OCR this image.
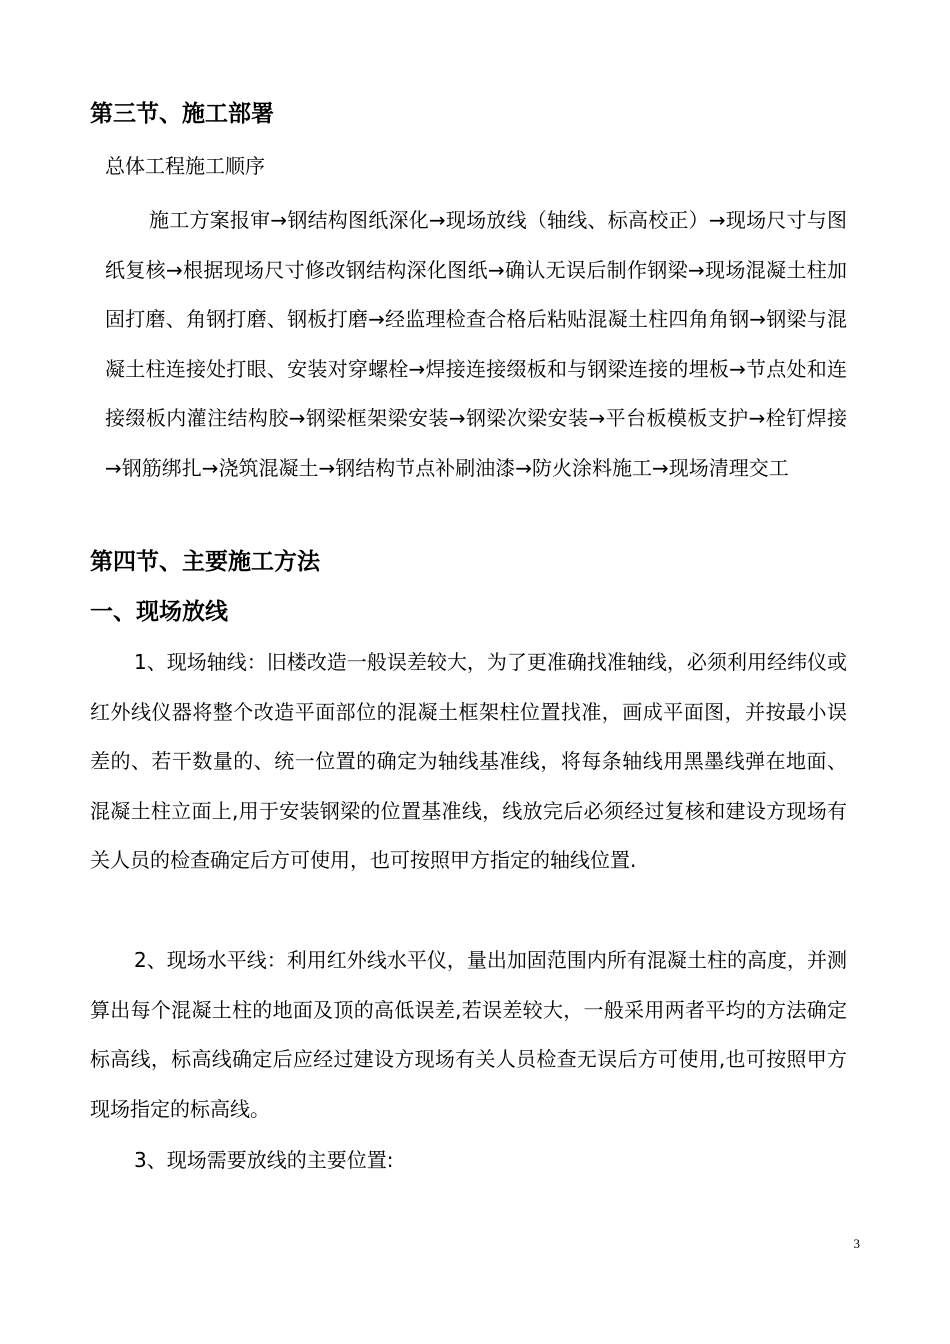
第三节、施工部署
总体工程施工顺序

施工方案报审→钢结构图纸深化→现场放线（轴线、标高校正）→现场尺寸与图纸复核→根据现场尺寸修改钢结构深化图纸→确认无误后制作钢梁→现场混凝土柱加固打磨、角钢打磨、钢板打磨→经监理检查合格后粘贴混凝土柱四角角钢→钢梁与混凝土柱连接处打眼、安装对穿螺栓→焊接连接缀板和与钢梁连接的埋板→节点处和连接缀板内灌注结构胶→钢梁框架梁安装→钢梁次梁安装→平台板模板支护→栓钉焊接→钢筋绑扎→浇筑混凝土→钢结构节点补刷油漆→防火涂料施工→现场清理交工

第四节、主要施工方法
一、现场放线

1、现场轴线：旧楼改造一般误差较大，为了更准确找准轴线，必须利用经纬仪或红外线仪器将整个改造平面部位的混凝土框架柱位置找准，画成平面图，并按最小误差的、若干数量的、统一位置的确定为轴线基准线，将每条轴线用黑墨线弹在地面、混凝土柱立面上,用于安装钢梁的位置基准线，线放完后必须经过复核和建设方现场有关人员的检查确定后方可使用，也可按照甲方指定的轴线位置.

2、现场水平线：利用红外线水平仪，量出加固范围内所有混凝土柱的高度，并测算出每个混凝土柱的地面及顶的高低误差,若误差较大，一般采用两者平均的方法确定标高线，标高线确定后应经过建设方现场有关人员检查无误后方可使用,也可按照甲方现场指定的标高线。

3、现场需要放线的主要位置:

3
